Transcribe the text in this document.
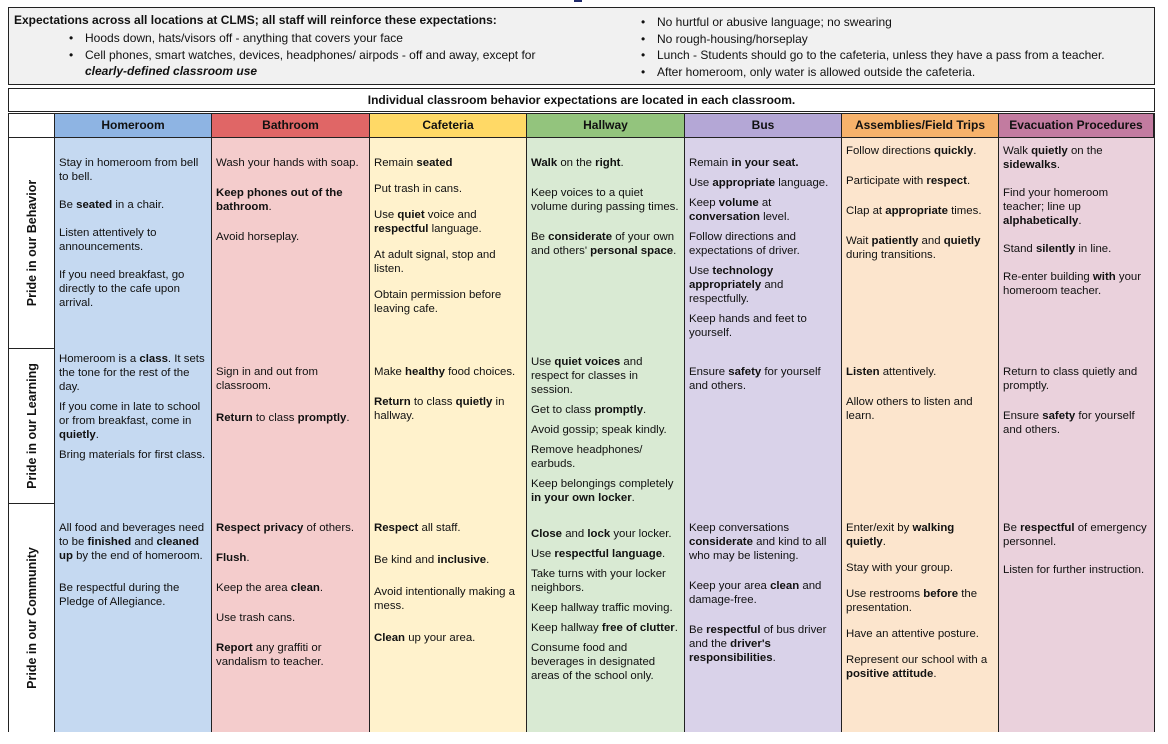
Expectations across all locations at CLMS; all staff will reinforce these expectations:
• Hoods down, hats/visors off - anything that covers your face
• Cell phones, smart watches, devices, headphones/ airpods - off and away, except for
clearly-defined classroom use
• No hurtful or abusive language; no swearing
• No rough-housing/horseplay
• Lunch - Students should go to the cafeteria, unless they have a pass from a teacher.
• After homeroom, only water is allowed outside the cafeteria.
Individual classroom behavior expectations are located in each classroom.
Pride in our Behavior
Pride in our Learning
Pride in our Community
Homeroom

Stay in homeroom from bell to bell.

Be seated in a chair.

Listen attentively to announcements.

If you need breakfast, go directly to the cafe upon arrival.

Homeroom is a class. It sets the tone for the rest of the day.

If you come in late to school or from breakfast, come in quietly.

Bring materials for first class.

All food and beverages need to be finished and cleaned up by the end of homeroom.

Be respectful during the Pledge of Allegiance.

Bathroom

Wash your hands with soap.

Keep phones out of the bathroom.

Avoid horseplay.

Sign in and out from classroom.

Return to class promptly.

Respect privacy of others.

Flush.

Keep the area clean.

Use trash cans.

Report any graffiti or vandalism to teacher.

Cafeteria

Remain seated

Put trash in cans.

Use quiet voice and respectful language.

At adult signal, stop and listen.

Obtain permission before leaving cafe.

Make healthy food choices.

Return to class quietly in hallway.

Respect all staff.

Be kind and inclusive.

Avoid intentionally making a mess.

Clean up your area.

Hallway

Walk on the right.

Keep voices to a quiet volume during passing times.

Be considerate of your own and others' personal space.

Use quiet voices and respect for classes in session.

Get to class promptly.

Avoid gossip; speak kindly.

Remove headphones/ earbuds.

Keep belongings completely in your own locker.

Close and lock your locker.

Use respectful language.

Take turns with your locker neighbors.

Keep hallway traffic moving.

Keep hallway free of clutter.

Consume food and beverages in designated areas of the school only.

Bus

Remain in your seat.

Use appropriate language.

Keep volume at conversation level.

Follow directions and expectations of driver.

Use technology appropriately and respectfully.

Keep hands and feet to yourself.

Ensure safety for yourself and others.

Keep conversations considerate and kind to all who may be listening.

Keep your area clean and damage-free.

Be respectful of bus driver and the driver's responsibilities.

Assemblies/Field Trips

Follow directions quickly.

Participate with respect.

Clap at appropriate times.

Wait patiently and quietly during transitions.

Listen attentively.

Allow others to listen and learn.

Enter/exit by walking quietly.

Stay with your group.

Use restrooms before the presentation.

Have an attentive posture.

Represent our school with a positive attitude.

Evacuation Procedures

Walk quietly on the sidewalks.

Find your homeroom teacher; line up alphabetically.

Stand silently in line.

Re-enter building with your homeroom teacher.

Return to class quietly and promptly.

Ensure safety for yourself and others.

Be respectful of emergency personnel.

Listen for further instruction.
